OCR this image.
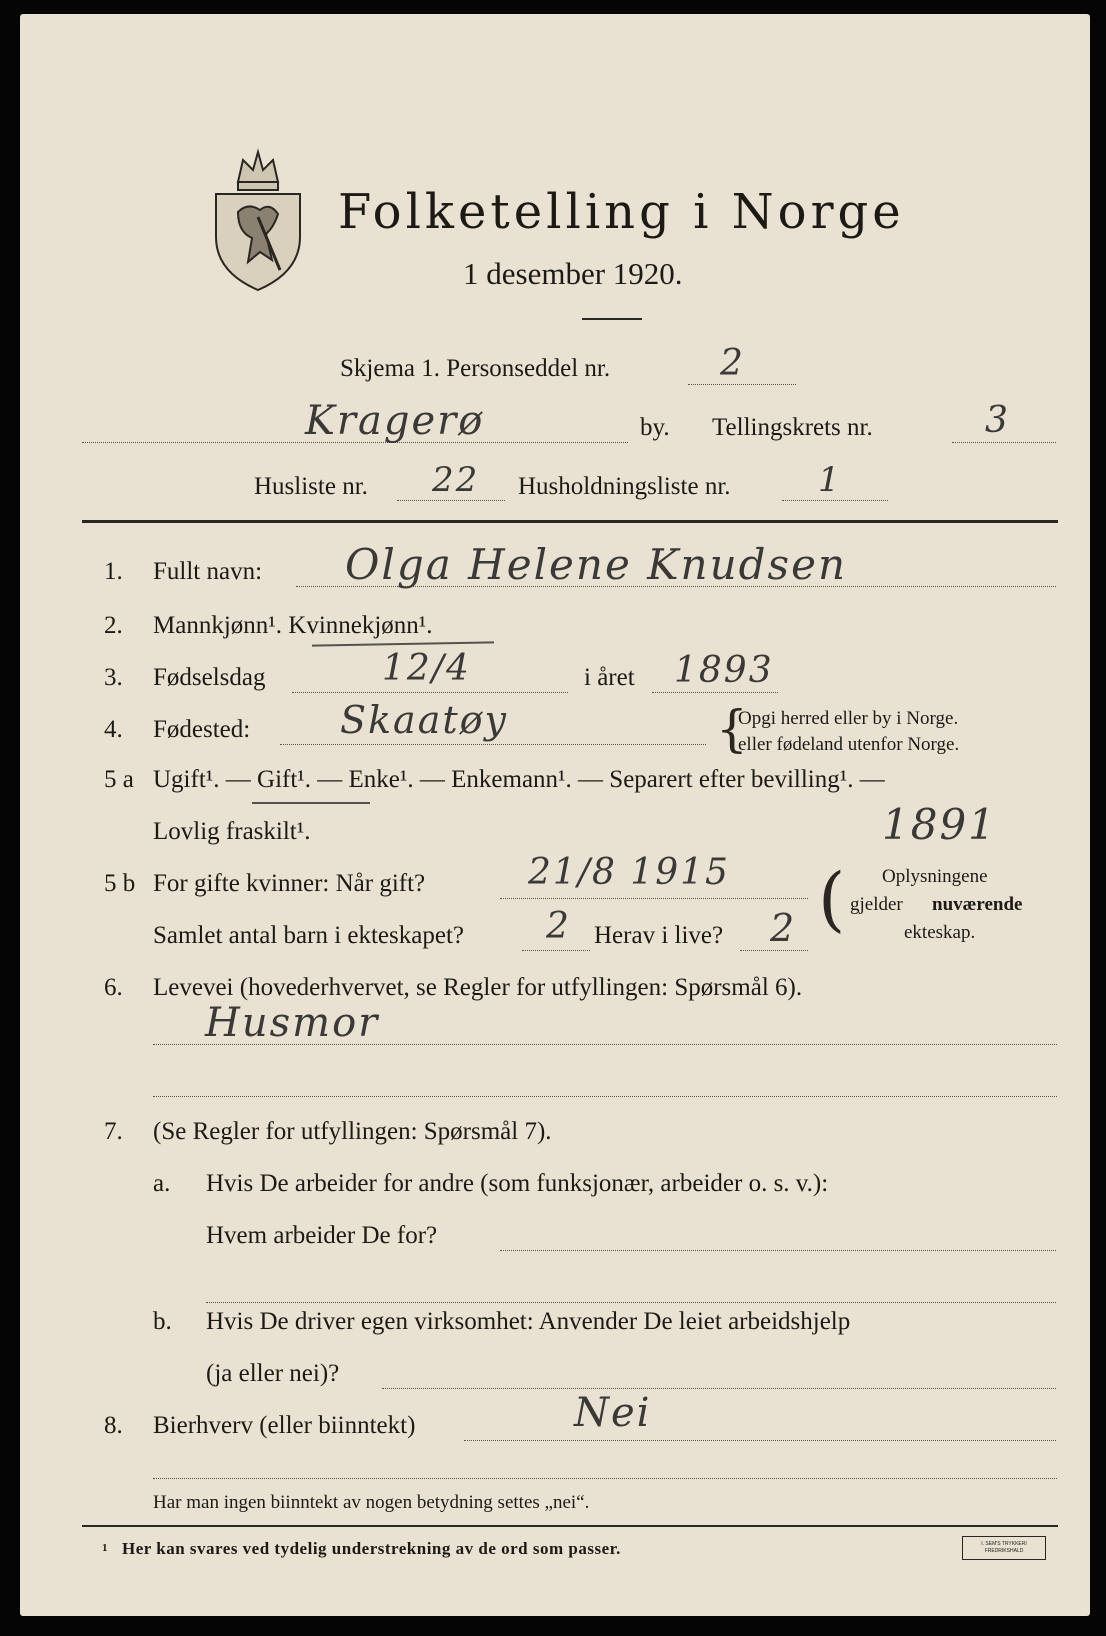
Folketelling i Norge
1 desember 1920.
Skjema 1. Personseddel nr.	2
Kragerø	by. Tellingskrets nr.	3
Husliste nr. 22 Husholdningsliste nr.	1
1. Fullt navn: Olga Helene Knudsen
2. Mannkjønn¹. Kvinnekjønn¹.
3. Fødselsdag	12/4	i året 1893
4. Fødested: Skaatøy	{
Opgi herred eller by i Norge.
eller fødeland utenfor Norge.
5 a Ugift¹. — Gift¹. — Enke¹. — Enkemann¹. — Separert efter bevilling¹. —
Lovlig fraskilt¹.	1891
5 b For gifte kvinner: Når gift?	21/8 1915
Samlet antal barn i ekteskapet? 2 Herav i live? 2 ( Oplysningene
gjelder nuværende
ekteskap.
6. Levevei (hovederhvervet, se Regler for utfyllingen: Spørsmål 6).
Husmor
7. (Se Regler for utfyllingen: Spørsmål 7).
a. Hvis De arbeider for andre (som funksjonær, arbeider o. s. v.):
Hvem arbeider De for?
b. Hvis De driver egen virksomhet: Anvender De leiet arbeidshjelp
(ja eller nei)?
8. Bierhverv (eller biinntekt)	Nei
Har man ingen biinntekt av nogen betydning settes „nei“.
1 Her kan svares ved tydelig understrekning av de ord som passer.	I. SEM'S TRYKKERI FREDRIKSHALD
